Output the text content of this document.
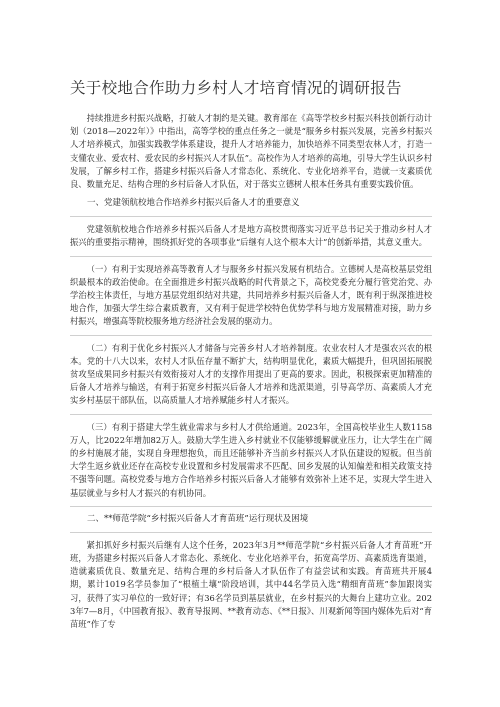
关于校地合作助力乡村人才培育情况的调研报告

持续推进乡村振兴战略，打破人才制约是关键。教育部在《高等学校乡村振兴科技创新行动计划（2018—2022年）》中指出，高等学校的重点任务之一就是“服务乡村振兴发展，完善乡村振兴人才培养模式，加强实践教学体系建设，提升人才培养能力，加快培养不同类型农林人才，打造一支懂农业、爱农村、爱农民的乡村振兴人才队伍”。高校作为人才培养的高地，引导大学生认识乡村发展，了解乡村工作，搭建乡村振兴后备人才常态化、系统化、专业化培养平台，造就一支素质优良、数量充足、结构合理的乡村后备人才队伍，对于落实立德树人根本任务具有重要实践价值。

一、党建领航校地合作培养乡村振兴后备人才的重要意义

党建领航校地合作培养乡村振兴后备人才是地方高校贯彻落实习近平总书记关于推动乡村人才振兴的重要指示精神，围绕抓好党的各项事业“后继有人这个根本大计”的创新举措，其意义重大。

（一）有利于实现培养高等教育人才与服务乡村振兴发展有机结合。立德树人是高校基层党组织最根本的政治使命。在全面推进乡村振兴战略的时代背景之下，高校党委充分履行管党治党、办学治校主体责任，与地方基层党组织结对共建，共同培养乡村振兴后备人才，既有利于纵深推进校地合作，加强大学生综合素质教育，又有利于促进学校特色优势学科与地方发展精准对接，助力乡村振兴，增强高等院校服务地方经济社会发展的驱动力。

（二）有利于优化乡村振兴人才储备与完善乡村人才培养制度。农业农村人才是强农兴农的根本。党的十八大以来，农村人才队伍存量不断扩大，结构明显优化，素质大幅提升，但巩固拓展脱贫攻坚成果同乡村振兴有效衔接对人才的支撑作用提出了更高的要求。因此，积极探索更加精准的后备人才培养与输送，有利于拓宽乡村振兴后备人才培养和选派渠道，引导高学历、高素质人才充实乡村基层干部队伍，以高质量人才培养赋能乡村人才振兴。

（三）有利于搭建大学生就业需求与乡村人才供给通道。2023年，全国高校毕业生人数1158万人，比2022年增加82万人。鼓励大学生进入乡村就业不仅能够缓解就业压力，让大学生在广阔的乡村施展才能，实现自身理想抱负，而且还能够补齐当前乡村振兴人才队伍建设的短板。但当前大学生返乡就业还存在高校专业设置和乡村发展需求不匹配、回乡发展的认知偏差和相关政策支持不强等问题。高校党委与地方合作培养乡村振兴后备人才能够有效弥补上述不足，实现大学生进入基层就业与乡村人才振兴的有机协同。

二、**师范学院“乡村振兴后备人才育苗班”运行现状及困境

紧扣抓好乡村振兴后继有人这个任务，2023年3月**师范学院“乡村振兴后备人才育苗班”开班，为搭建乡村振兴后备人才常态化、系统化、专业化培养平台，拓宽高学历、高素质选育渠道，造就素质优良、数量充足、结构合理的乡村后备人才队伍作了有益尝试和实践。育苗班共开展4期，累计1019名学员参加了“根植土壤”阶段培训，其中44名学员入选“精细育苗班”参加跟岗实习，获得了实习单位的一致好评；有36名学员到基层就业，在乡村振兴的大舞台上建功立业。2023年7—8月，《中国教育报》、教育导报网、**教育动态、《**日报》、川观新闻等国内媒体先后对“育苗班”作了专
